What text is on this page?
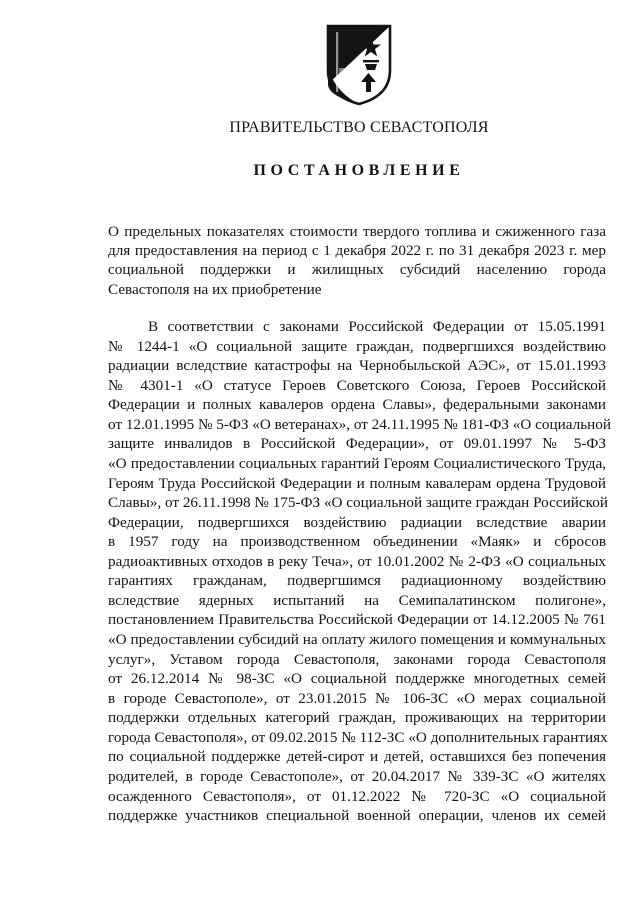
ПРАВИТЕЛЬСТВО СЕВАСТОПОЛЯ
ПОСТАНОВЛЕНИЕ
О предельных показателях стоимости твердого топлива и сжиженного газа
для предоставления на период с 1 декабря 2022 г. по 31 декабря 2023 г. мер
социальной поддержки и жилищных субсидий населению города
Севастополя на их приобретение
В соответствии с законами Российской Федерации от 15.05.1991
№ 1244-1 «О социальной защите граждан, подвергшихся воздействию
радиации вследствие катастрофы на Чернобыльской АЭС», от 15.01.1993
№ 4301-1 «О статусе Героев Советского Союза, Героев Российской
Федерации и полных кавалеров ордена Славы», федеральными законами
от 12.01.1995 № 5-ФЗ «О ветеранах», от 24.11.1995 № 181-ФЗ «О социальной
защите инвалидов в Российской Федерации», от 09.01.1997 № 5-ФЗ
«О предоставлении социальных гарантий Героям Социалистического Труда,
Героям Труда Российской Федерации и полным кавалерам ордена Трудовой
Славы», от 26.11.1998 № 175-ФЗ «О социальной защите граждан Российской
Федерации, подвергшихся воздействию радиации вследствие аварии
в 1957 году на производственном объединении «Маяк» и сбросов
радиоактивных отходов в реку Теча», от 10.01.2002 № 2-ФЗ «О социальных
гарантиях гражданам, подвергшимся радиационному воздействию
вследствие ядерных испытаний на Семипалатинском полигоне»,
постановлением Правительства Российской Федерации от 14.12.2005 № 761
«О предоставлении субсидий на оплату жилого помещения и коммунальных
услуг», Уставом города Севастополя, законами города Севастополя
от 26.12.2014 № 98-ЗС «О социальной поддержке многодетных семей
в городе Севастополе», от 23.01.2015 № 106-ЗС «О мерах социальной
поддержки отдельных категорий граждан, проживающих на территории
города Севастополя», от 09.02.2015 № 112-ЗС «О дополнительных гарантиях
по социальной поддержке детей-сирот и детей, оставшихся без попечения
родителей, в городе Севастополе», от 20.04.2017 № 339-ЗС «О жителях
осажденного Севастополя», от 01.12.2022 № 720-ЗС «О социальной
поддержке участников специальной военной операции, членов их семей
